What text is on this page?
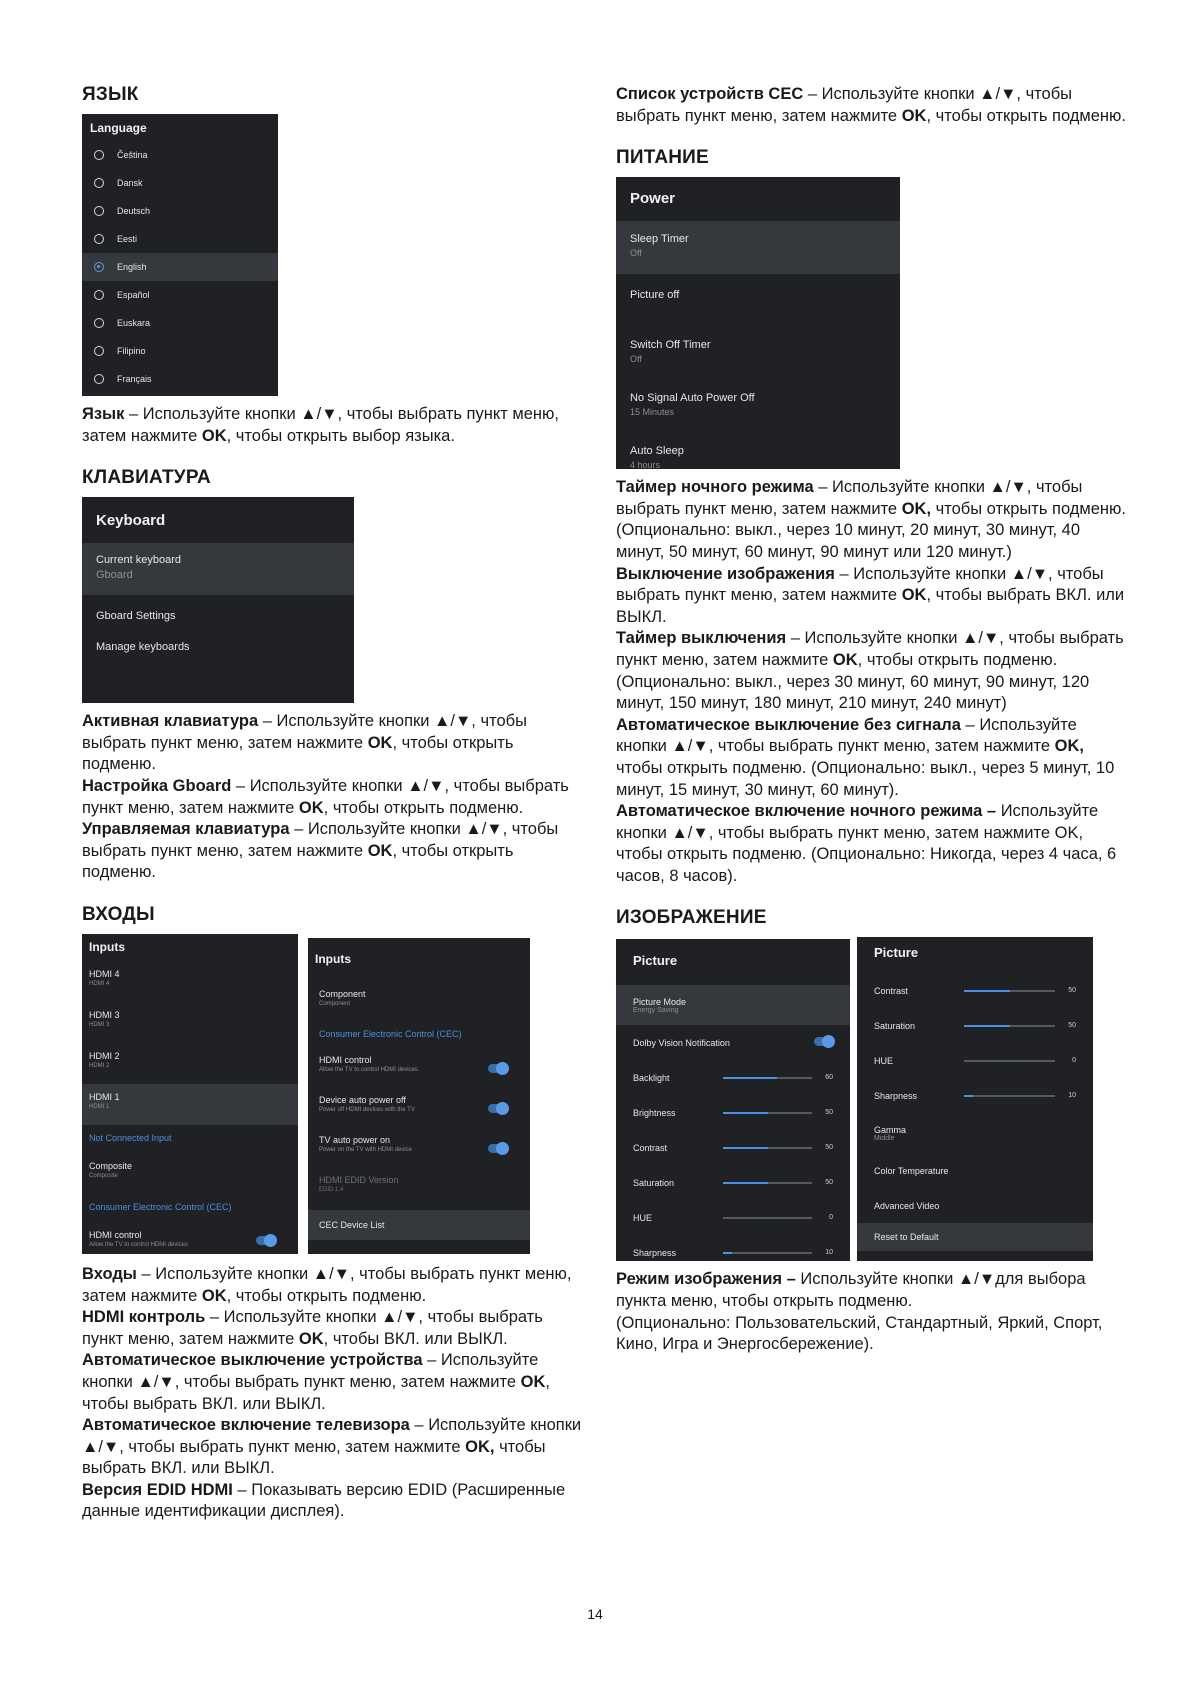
ЯЗЫК
Language
Čeština
Dansk
Deutsch
Eesti
English
Español
Euskara
Filipino
Français

Язык – Используйте кнопки ▲/▼, чтобы выбрать пункт меню, затем нажмите OK, чтобы открыть выбор языка.

КЛАВИАТУРА
Keyboard
Current keyboard
Gboard
Gboard Settings
Manage keyboards

Активная клавиатура – Используйте кнопки ▲/▼, чтобы выбрать пункт меню, затем нажмите OK, чтобы открыть подменю.

Настройка Gboard – Используйте кнопки ▲/▼, чтобы выбрать пункт меню, затем нажмите OK, чтобы открыть подменю.

Управляемая клавиатура – Используйте кнопки ▲/▼, чтобы выбрать пункт меню, затем нажмите OK, чтобы открыть подменю.

ВХОДЫ
Inputs
HDMI 4
HDMI 4
HDMI 3
HDMI 3
HDMI 2
HDMI 2
HDMI 1
HDMI 1
Not Connected Input
Composite
Composite
Consumer Electronic Control (CEC)
HDMI control
Allow the TV to control HDMI devices
Inputs
Component
Component
Consumer Electronic Control (CEC)
HDMI control
Allow the TV to control HDMI devices
Device auto power off
Power off HDMI devices with the TV
TV auto power on
Power on the TV with HDMI device
HDMI EDID Version
EDID 1.4
CEC Device List

Входы – Используйте кнопки ▲/▼, чтобы выбрать пункт меню, затем нажмите OK, чтобы открыть подменю.

HDMI контроль – Используйте кнопки ▲/▼, чтобы выбрать пункт меню, затем нажмите OK, чтобы ВКЛ. или ВЫКЛ.

Автоматическое выключение устройства – Используйте кнопки ▲/▼, чтобы выбрать пункт меню, затем нажмите OK, чтобы выбрать ВКЛ. или ВЫКЛ.

Автоматическое включение телевизора – Используйте кнопки ▲/▼, чтобы выбрать пункт меню, затем нажмите OK, чтобы выбрать ВКЛ. или ВЫКЛ.

Версия EDID HDMI – Показывать версию EDID (Расширенные данные идентификации дисплея).

Список устройств CEC – Используйте кнопки ▲/▼, чтобы выбрать пункт меню, затем нажмите OK, чтобы открыть подменю.

ПИТАНИЕ
Power
Sleep Timer
Off
Picture off
Switch Off Timer
Off
No Signal Auto Power Off
15 Minutes
Auto Sleep
4 hours

Таймер ночного режима – Используйте кнопки ▲/▼, чтобы выбрать пункт меню, затем нажмите OK, чтобы открыть подменю.

(Опционально: выкл., через 10 минут, 20 минут, 30 минут, 40 минут, 50 минут, 60 минут, 90 минут или 120 минут.)

Выключение изображения – Используйте кнопки ▲/▼, чтобы выбрать пункт меню, затем нажмите OK, чтобы выбрать ВКЛ. или ВЫКЛ.

Таймер выключения – Используйте кнопки ▲/▼, чтобы выбрать пункт меню, затем нажмите OK, чтобы открыть подменю.

(Опционально: выкл., через 30 минут, 60 минут, 90 минут, 120 минут, 150 минут, 180 минут, 210 минут, 240 минут)

Автоматическое выключение без сигнала – Используйте кнопки ▲/▼, чтобы выбрать пункт меню, затем нажмите OK, чтобы открыть подменю. (Опционально: выкл., через 5 минут, 10 минут, 15 минут, 30 минут, 60 минут).

Автоматическое включение ночного режима – Используйте кнопки ▲/▼, чтобы выбрать пункт меню, затем нажмите OK, чтобы открыть подменю. (Опционально: Никогда, через 4 часа, 6 часов, 8 часов).

ИЗОБРАЖЕНИЕ
Picture
Picture Mode
Energy Saving
Dolby Vision Notification
Backlight	60
Brightness	50
Contrast	50
Saturation	50
HUE	0
Sharpness	10
Picture
Contrast	50
Saturation	50
HUE	0
Sharpness	10
Gamma
Middle
Color Temperature
Advanced Video
Reset to Default

Режим изображения – Используйте кнопки ▲/▼для выбора пункта меню, чтобы открыть подменю.

(Опционально: Пользовательский, Стандартный, Яркий, Спорт, Кино, Игра и Энергосбережение).

14
